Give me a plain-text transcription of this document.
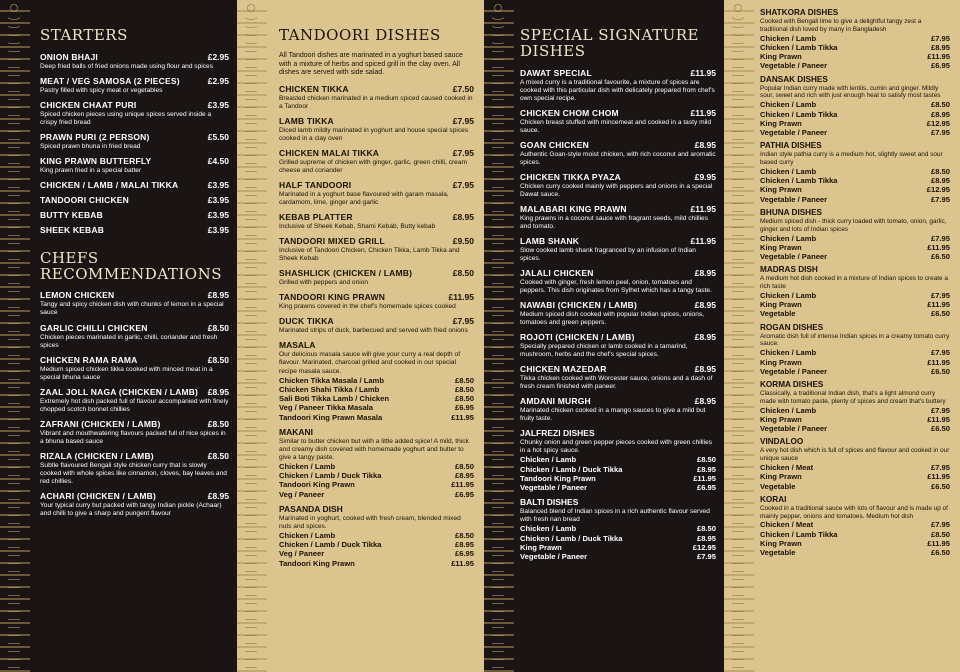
STARTERS
ONION BHAJI	£2.95
Deep fried balls of fried onions made using flour and spices
MEAT / VEG SAMOSA (2 PIECES)	£2.95
Pastry filled with spicy meat or vegetables
CHICKEN CHAAT PURI	£3.95
Spiced chicken pieces using unique spices served inside a crispy fried bread
PRAWN PURI (2 PERSON)	£5.50
Spiced prawn bhuna in fried bread
KING PRAWN BUTTERFLY	£4.50
King prawn fried in a special batter
CHICKEN / LAMB / MALAI TIKKA	£3.95
TANDOORI CHICKEN	£3.95
BUTTY KEBAB	£3.95
SHEEK KEBAB	£3.95
CHEFS RECOMMENDATIONS
LEMON CHICKEN	£8.95
Tangy and spicy chicken dish with chunks of lemon in a special sauce
GARLIC CHILLI CHICKEN	£8.50
Chicken pieces marinated in garlic, chilli, coriander and fresh spices
CHICKEN RAMA RAMA	£8.50
Medium spiced chicken tikka cooked with minced meat in a special bhuna sauce
ZAAL JOLL NAGA (CHICKEN / LAMB) £8.95
Extremely hot dish packed full of flavour accompanied with finely chopped scotch bonnet chillies
ZAFRANI (CHICKEN / LAMB)	£8.50
Vibrant and mouthwatering flavours packed full of nice spices in a bhuna based sauce
RIZALA (CHICKEN / LAMB)	£8.50
Subtle flavoured Bengali style chicken curry that is slowly cooked with whole spices like cinnamon, cloves, bay leaves and red chillies.
ACHARI (CHICKEN / LAMB)	£8.95
Your typical curry but packed with tangy Indian pickle (Achaar) and chilli to give a sharp and pungent flavour
TANDOORI DISHES
All Tandoori dishes are marinated in a yoghurt based sauce with a mixture of herbs and spiced grill in the clay oven. All dishes are served with side salad.
CHICKEN TIKKA	£7.50
Breasted chicken marinated in a medium spiced caused cooked in a Tandoor
LAMB TIKKA	£7.95
Diced lamb mildly marinated in yoghurt and house special spices cooked in a clay oven
CHICKEN MALAI TIKKA	£7.95
Grilled supreme of chicken with ginger, garlic, green chilli, cream cheese and coriander
HALF TANDOORI	£7.95
Marinated in a yoghurt base flavoured with garam masala, cardamom, lime, ginger and garlic
KEBAB PLATTER	£8.95
Inclusive of Sheek Kebab, Shami Kebab, Butty kebab
TANDOORI MIXED GRILL	£9.50
Inclusive of Tandoori Chicken, Chicken Tikka, Lamb Tikka and Sheek Kebab
SHASHLICK (CHICKEN / LAMB)	£8.50
Grilled with peppers and onion
TANDOORI KING PRAWN	£11.95
King prawns covered in the chef's homemade spices cooked
DUCK TIKKA	£7.95
Marinated strips of duck, barbecued and served with fried onions
MASALA
Our delicious masala sauce will give your curry a real depth of flavour. Marinated, charcoal grilled and cooked in our special recipe masala sauce.
Chicken Tikka Masala / Lamb	£8.50
Chicken Shahi Tikka / Lamb	£8.50
Sali Boti Tikka Lamb / Chicken	£8.50
Veg / Paneer Tikka Masala	£6.95
Tandoori King Prawn Masala	£11.95
MAKANI
Similar to butter chicken but with a little added spice! A mild, thick and creamy dish covered with homemade yoghurt and butter to give a tangy paste.
Chicken / Lamb	£8.50
Chicken / Lamb / Duck Tikka	£8.95
Tandoori King Prawn	£11.95
Veg / Paneer	£6.95
PASANDA DISH
Marinated in yoghurt, cooked with fresh cream, blended mixed nuts and spices.
Chicken / Lamb	£8.50
Chicken / Lamb / Duck Tikka	£8.95
Veg / Paneer	£6.95
Tandoori King Prawn	£11.95
SPECIAL SIGNATURE DISHES
DAWAT SPECIAL	£11.95
A mixed curry is a traditional favourite, a mixture of spices are cooked with this particular dish with delicately prepared from chef's own special recipe.
CHICKEN CHOM CHOM	£11.95
Chicken breast stuffed with mincemeat and cooked in a tasty mild sauce.
GOAN CHICKEN	£8.95
Authentic Goan-style moist chicken, with rich coconut and aromatic spices.
CHICKEN TIKKA PYAZA	£9.95
Chicken curry cooked mainly with peppers and onions in a special Dawat sauce.
MALABARI KING PRAWN	£11.95
King prawns in a coconut sauce with fragrant seeds, mild chillies and tomato.
LAMB SHANK	£11.95
Slow cooked lamb shank fragranced by an infusion of Indian spices.
JALALI CHICKEN	£8.95
Cooked with ginger, fresh lemon peel, onion, tomatoes and peppers. This dish originates from Sylhet which has a tangy taste.
NAWABI (CHICKEN / LAMB)	£8.95
Medium spiced dish cooked with popular Indian spices, onions, tomatoes and green peppers.
ROJOTI (CHICKEN / LAMB)	£8.95
Specially prepared chicken or lamb cooked in a tamarind, mushroom, herbs and the chef's special spices.
CHICKEN MAZEDAR	£8.95
Tikka chicken cooked with Worcester sauce, onions and a dash of fresh cream finished with paneer.
AMDANI MURGH	£8.95
Marinated chicken cooked in a mango sauces to give a mild but fruity taste.
JALFREZI DISHES
Chunky onion and green pepper pieces cooked with green chillies in a hot spicy sauce.
Chicken / Lamb	£8.50
Chicken / Lamb / Duck Tikka	£8.95
Tandoori King Prawn	£11.95
Vegetable / Paneer	£6.95
BALTI DISHES
Balanced blend of Indian spices in a rich authentic flavour served with fresh nan bread
Chicken / Lamb	£8.50
Chicken / Lamb / Duck Tikka	£8.95
King Prawn	£12.95
Vegetable / Paneer	£7.95
SHATKORA DISHES
Cooked with Bengali lime to give a delightful tangy zest a traditional dish loved by many in Bangladesh
Chicken / Lamb	£7.95
Chicken / Lamb Tikka	£8.95
King Prawn	£11.95
Vegetable / Paneer	£6.95
DANSAK DISHES
Popular Indian curry made with lentils, cumin and ginger. Mildly sour, sweet and rich with just enough heat to satisfy most tastes
Chicken / Lamb	£8.50
Chicken / Lamb Tikka	£8.95
King Prawn	£12.95
Vegetable / Paneer	£7.95
PATHIA DISHES
Indian style pathia curry is a medium hot, slightly sweet and sour based curry
Chicken / Lamb	£8.50
Chicken / Lamb Tikka	£8.95
King Prawn	£12.95
Vegetable / Paneer	£7.95
BHUNA DISHES
Medium spiced dish - thick curry loaded with tomato, onion, garlic, ginger and lots of Indian spices
Chicken / Lamb	£7.95
King Prawn	£11.95
Vegetable / Paneer	£6.50
MADRAS DISH
A medium hot dish cooked in a mixture of Indian spices to create a rich taste
Chicken / Lamb	£7.95
King Prawn	£11.95
Vegetable	£6.50
ROGAN DISHES
Aromatic dish full of intense Indian spices in a creamy tomato curry sauce.
Chicken / Lamb	£7.95
King Prawn	£11.95
Vegetable / Paneer	£6.50
KORMA DISHES
Classically, a traditional Indian dish, that's a light almond curry made with tomato paste, plenty of spices and cream that's buttery
Chicken / Lamb	£7.95
King Prawn	£11.95
Vegetable / Paneer	£6.50
VINDALOO
A very hot dish which is full of spices and flavour and cooked in our unique sauce
Chicken / Meat	£7.95
King Prawn	£11.95
Vegetable	£6.50
KORAI
Cooked in a traditional sauce with lots of flavour and is made up of mainly pepper, onions and tomatoes. Medium hot dish
Chicken / Meat	£7.95
Chicken / Lamb Tikka	£8.50
King Prawn	£11.95
Vegetable	£6.50
